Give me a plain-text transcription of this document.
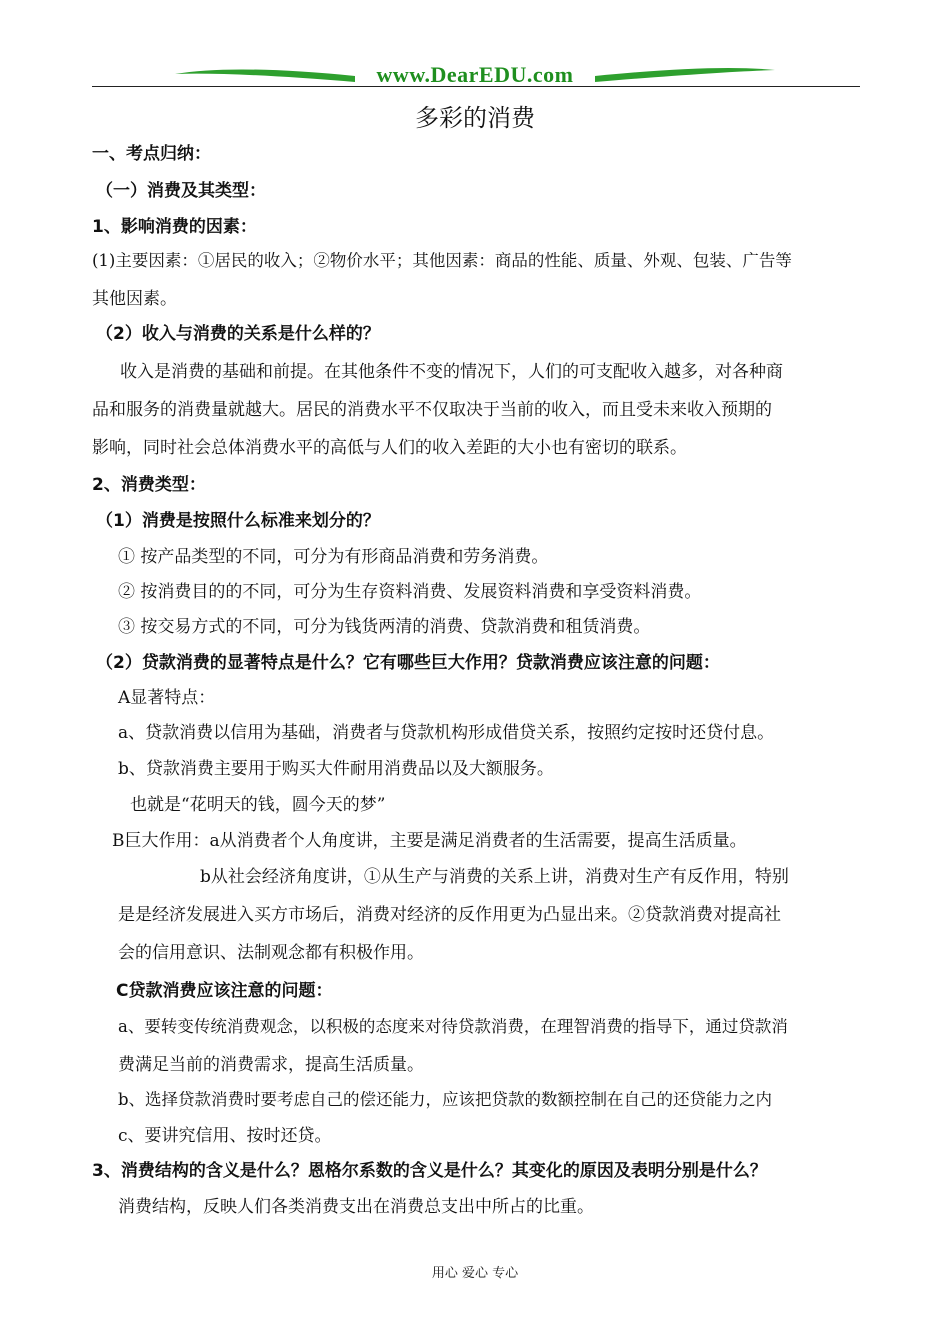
www.DearEDU.com
多彩的消费
一、考点归纳：
（一）消费及其类型：
1、影响消费的因素：
(1)主要因素：①居民的收入；②物价水平；其他因素：商品的性能、质量、外观、包装、广告等
其他因素。
（2）收入与消费的关系是什么样的？
收入是消费的基础和前提。在其他条件不变的情况下，人们的可支配收入越多，对各种商
品和服务的消费量就越大。居民的消费水平不仅取决于当前的收入，而且受未来收入预期的
影响，同时社会总体消费水平的高低与人们的收入差距的大小也有密切的联系。
2、消费类型：
（1）消费是按照什么标准来划分的？
① 按产品类型的不同，可分为有形商品消费和劳务消费。
② 按消费目的的不同，可分为生存资料消费、发展资料消费和享受资料消费。
③ 按交易方式的不同，可分为钱货两清的消费、贷款消费和租赁消费。
（2）贷款消费的显著特点是什么？它有哪些巨大作用？贷款消费应该注意的问题：
A显著特点：
a、贷款消费以信用为基础，消费者与贷款机构形成借贷关系，按照约定按时还贷付息。
b、贷款消费主要用于购买大件耐用消费品以及大额服务。
也就是“花明天的钱，圆今天的梦”
B巨大作用：a从消费者个人角度讲，主要是满足消费者的生活需要，提高生活质量。
b从社会经济角度讲，①从生产与消费的关系上讲，消费对生产有反作用，特别
是是经济发展进入买方市场后，消费对经济的反作用更为凸显出来。②贷款消费对提高社
会的信用意识、法制观念都有积极作用。
C贷款消费应该注意的问题：
a、要转变传统消费观念，以积极的态度来对待贷款消费，在理智消费的指导下，通过贷款消
费满足当前的消费需求，提高生活质量。
b、选择贷款消费时要考虑自己的偿还能力，应该把贷款的数额控制在自己的还贷能力之内
c、要讲究信用、按时还贷。
3、消费结构的含义是什么？恩格尔系数的含义是什么？其变化的原因及表明分别是什么？
消费结构，反映人们各类消费支出在消费总支出中所占的比重。
用心 爱心 专心
